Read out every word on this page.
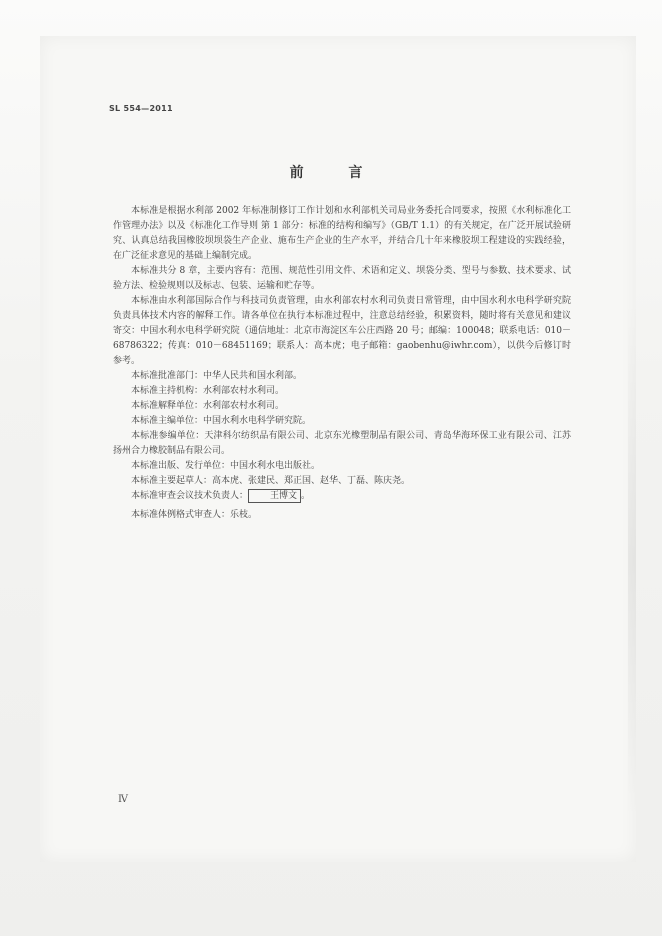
SL 554—2011
前 言

本标准是根据水利部 2002 年标准制修订工作计划和水利部机关司局业务委托合同要求，按照《水利标准化工作管理办法》以及《标准化工作导则 第 1 部分：标准的结构和编写》（GB/T 1.1）的有关规定，在广泛开展试验研究、认真总结我国橡胶坝坝袋生产企业、施布生产企业的生产水平，并结合几十年来橡胶坝工程建设的实践经验，在广泛征求意见的基础上编制完成。

本标准共分 8 章，主要内容有：范围、规范性引用文件、术语和定义、坝袋分类、型号与参数、技术要求、试验方法、检验规则以及标志、包装、运输和贮存等。

本标准由水利部国际合作与科技司负责管理，由水利部农村水利司负责日常管理，由中国水利水电科学研究院负责具体技术内容的解释工作。请各单位在执行本标准过程中，注意总结经验，积累资料，随时将有关意见和建议寄交：中国水利水电科学研究院（通信地址：北京市海淀区车公庄西路 20 号；邮编：100048；联系电话：010－68786322；传真：010－68451169；联系人：高本虎；电子邮箱：gaobenhu@iwhr.com），以供今后修订时参考。

本标准批准部门：中华人民共和国水利部。

本标准主持机构：水利部农村水利司。

本标准解释单位：水利部农村水利司。

本标准主编单位：中国水利水电科学研究院。

本标准参编单位：天津科尔纺织品有限公司、北京东光橡塑制品有限公司、青岛华海环保工业有限公司、江苏扬州合力橡胶制品有限公司。

本标准出版、发行单位：中国水利水电出版社。

本标准主要起草人：高本虎、张建民、郑正国、赵华、丁磊、陈庆尧。

本标准审查会议技术负责人： 王博文 。

本标准体例格式审查人：乐枝。

Ⅳ
